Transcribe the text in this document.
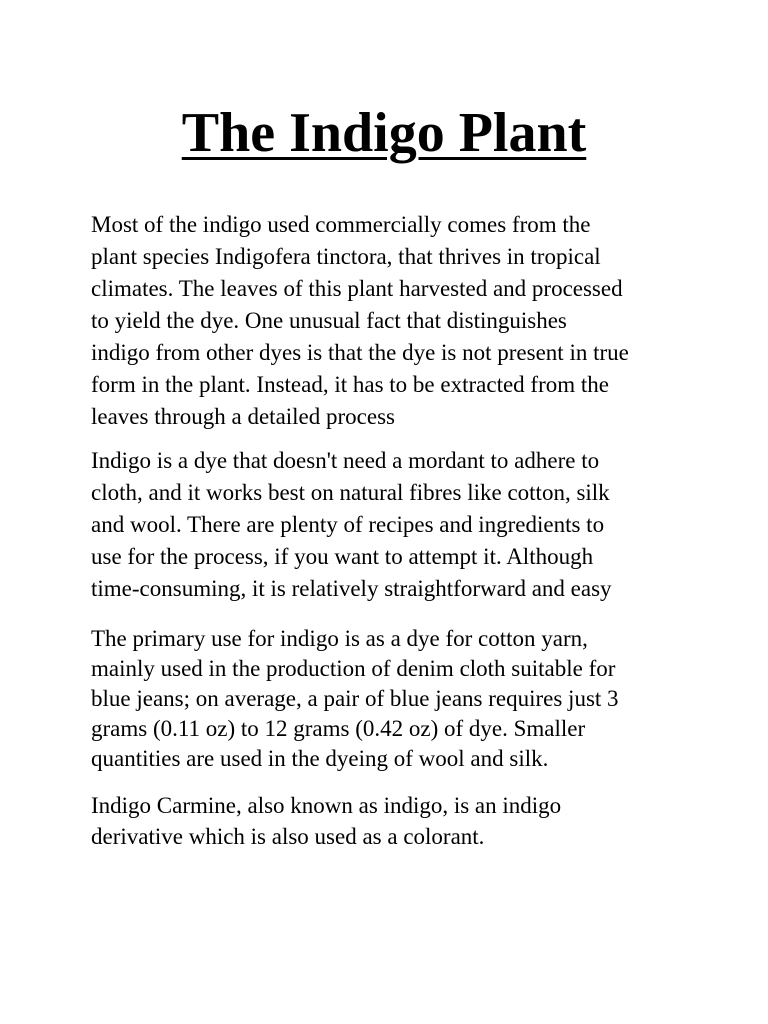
The Indigo Plant

Most of the indigo used commercially comes from the
plant species Indigofera tinctora, that thrives in tropical
climates. The leaves of this plant harvested and processed
to yield the dye. One unusual fact that distinguishes
indigo from other dyes is that the dye is not present in true
form in the plant. Instead, it has to be extracted from the
leaves through a detailed process

Indigo is a dye that doesn't need a mordant to adhere to
cloth, and it works best on natural fibres like cotton, silk
and wool. There are plenty of recipes and ingredients to
use for the process, if you want to attempt it. Although
time-consuming, it is relatively straightforward and easy

The primary use for indigo is as a dye for cotton yarn,
mainly used in the production of denim cloth suitable for
blue jeans; on average, a pair of blue jeans requires just 3
grams (0.11 oz) to 12 grams (0.42 oz) of dye. Smaller
quantities are used in the dyeing of wool and silk.

Indigo Carmine, also known as indigo, is an indigo
derivative which is also used as a colorant.
